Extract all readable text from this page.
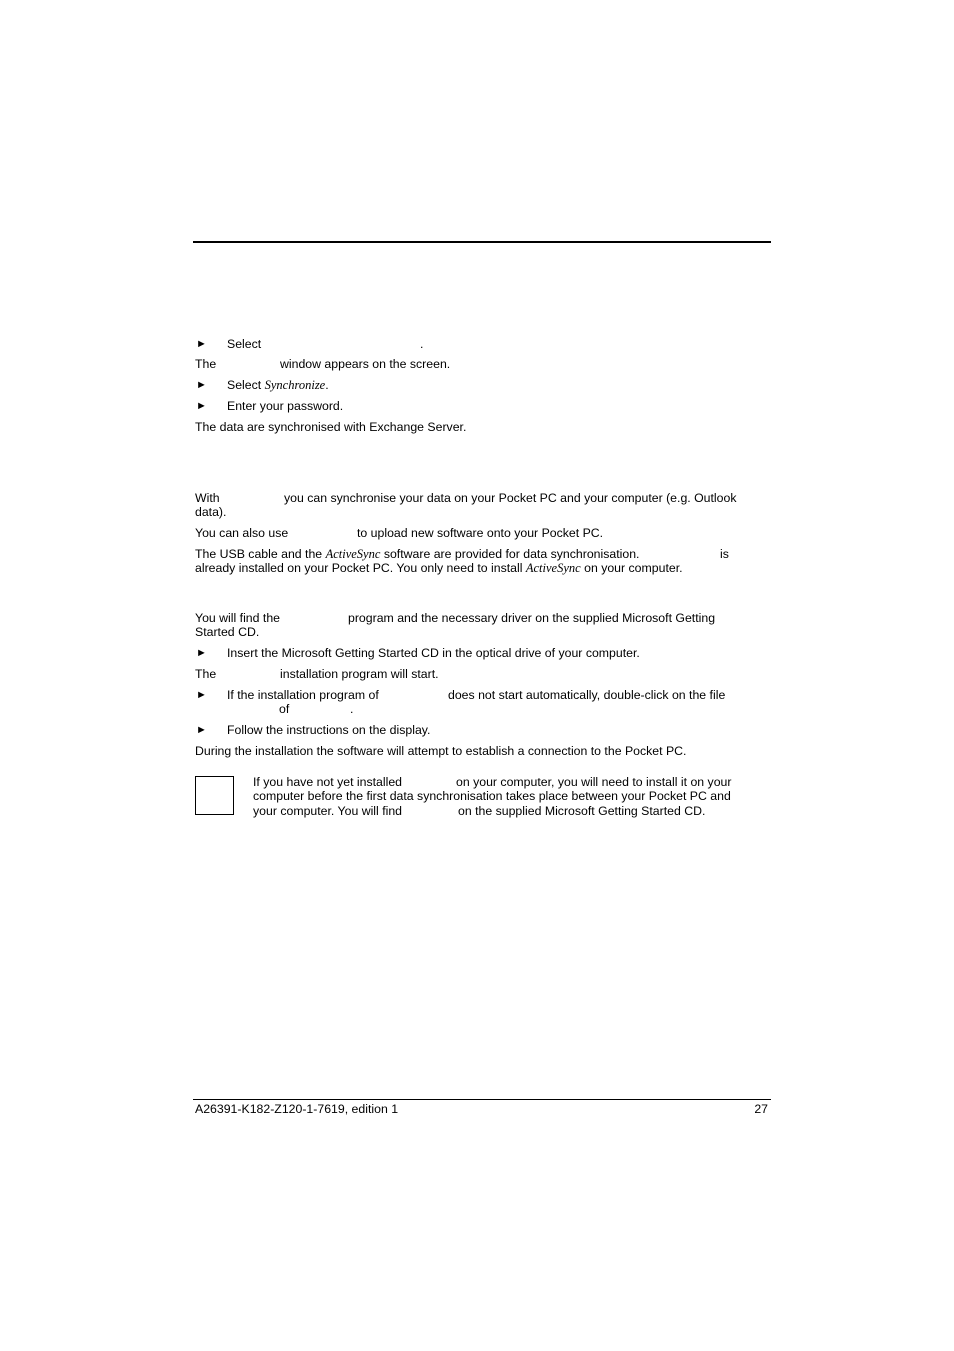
► Select	.
The	window appears on the screen.
► Select Synchronize.
► Enter your password.
The data are synchronised with Exchange Server.
With	you can synchronise your data on your Pocket PC and your computer (e.g. Outlook
data).
You can also use	to upload new software onto your Pocket PC.
The USB cable and the ActiveSync software are provided for data synchronisation.	is
already installed on your Pocket PC. You only need to install ActiveSync on your computer.
You will find the	program and the necessary driver on the supplied Microsoft Getting
Started CD.
► Insert the Microsoft Getting Started CD in the optical drive of your computer.
The	installation program will start.
► If the installation program of	does not start automatically, double-click on the file
of	.
► Follow the instructions on the display.
During the installation the software will attempt to establish a connection to the Pocket PC.
If you have not yet installed	on your computer, you will need to install it on your
computer before the first data synchronisation takes place between your Pocket PC and
your computer. You will find	on the supplied Microsoft Getting Started CD.
A26391-K182-Z120-1-7619, edition 1	27
